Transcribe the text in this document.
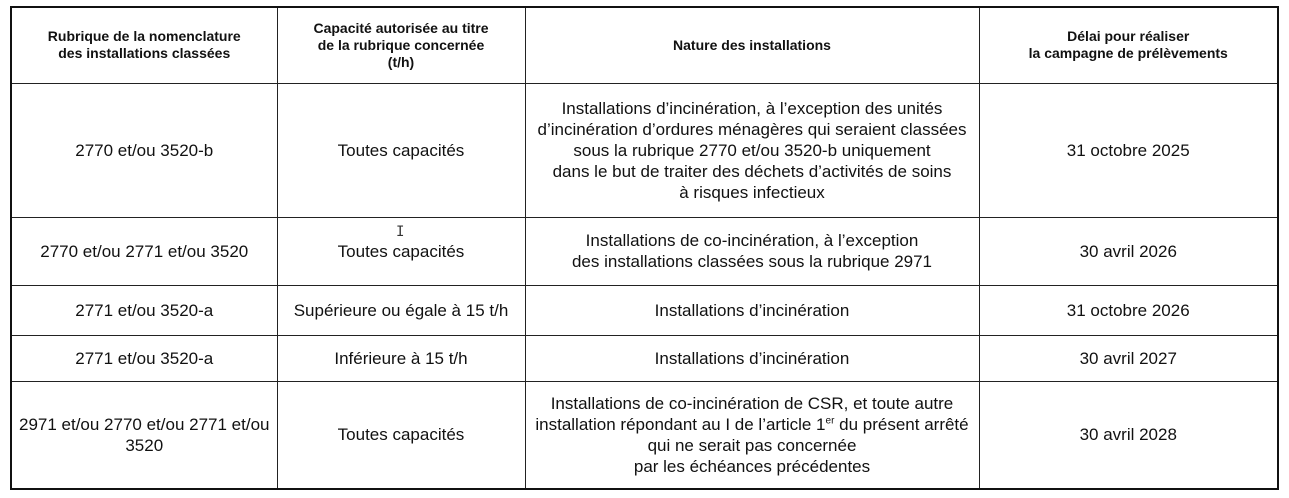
Rubrique de la nomenclature
des installations classées	Capacité autorisée au titre
de la rubrique concernée
(t/h)	Nature des installations	Délai pour réaliser
la campagne de prélèvements

2770 et/ou 3520-b	Toutes capacités	Installations d’incinération, à l’exception des unités
d’incinération d’ordures ménagères qui seraient classées
sous la rubrique 2770 et/ou 3520-b uniquement
dans le but de traiter des déchets d’activités de soins
à risques infectieux	31 octobre 2025

2770 et/ou 2771 et/ou 3520	Toutes capacités	Installations de co-incinération, à l’exception
des installations classées sous la rubrique 2971	30 avril 2026

2771 et/ou 3520-a	Supérieure ou égale à 15 t/h	Installations d’incinération	31 octobre 2026

2771 et/ou 3520-a	Inférieure à 15 t/h	Installations d’incinération	30 avril 2027

2971 et/ou 2770 et/ou 2771 et/ou
3520	Toutes capacités	Installations de co-incinération de CSR, et toute autre
installation répondant au I de l’article 1er du présent arrêté
qui ne serait pas concernée
par les échéances précédentes	30 avril 2028
I
